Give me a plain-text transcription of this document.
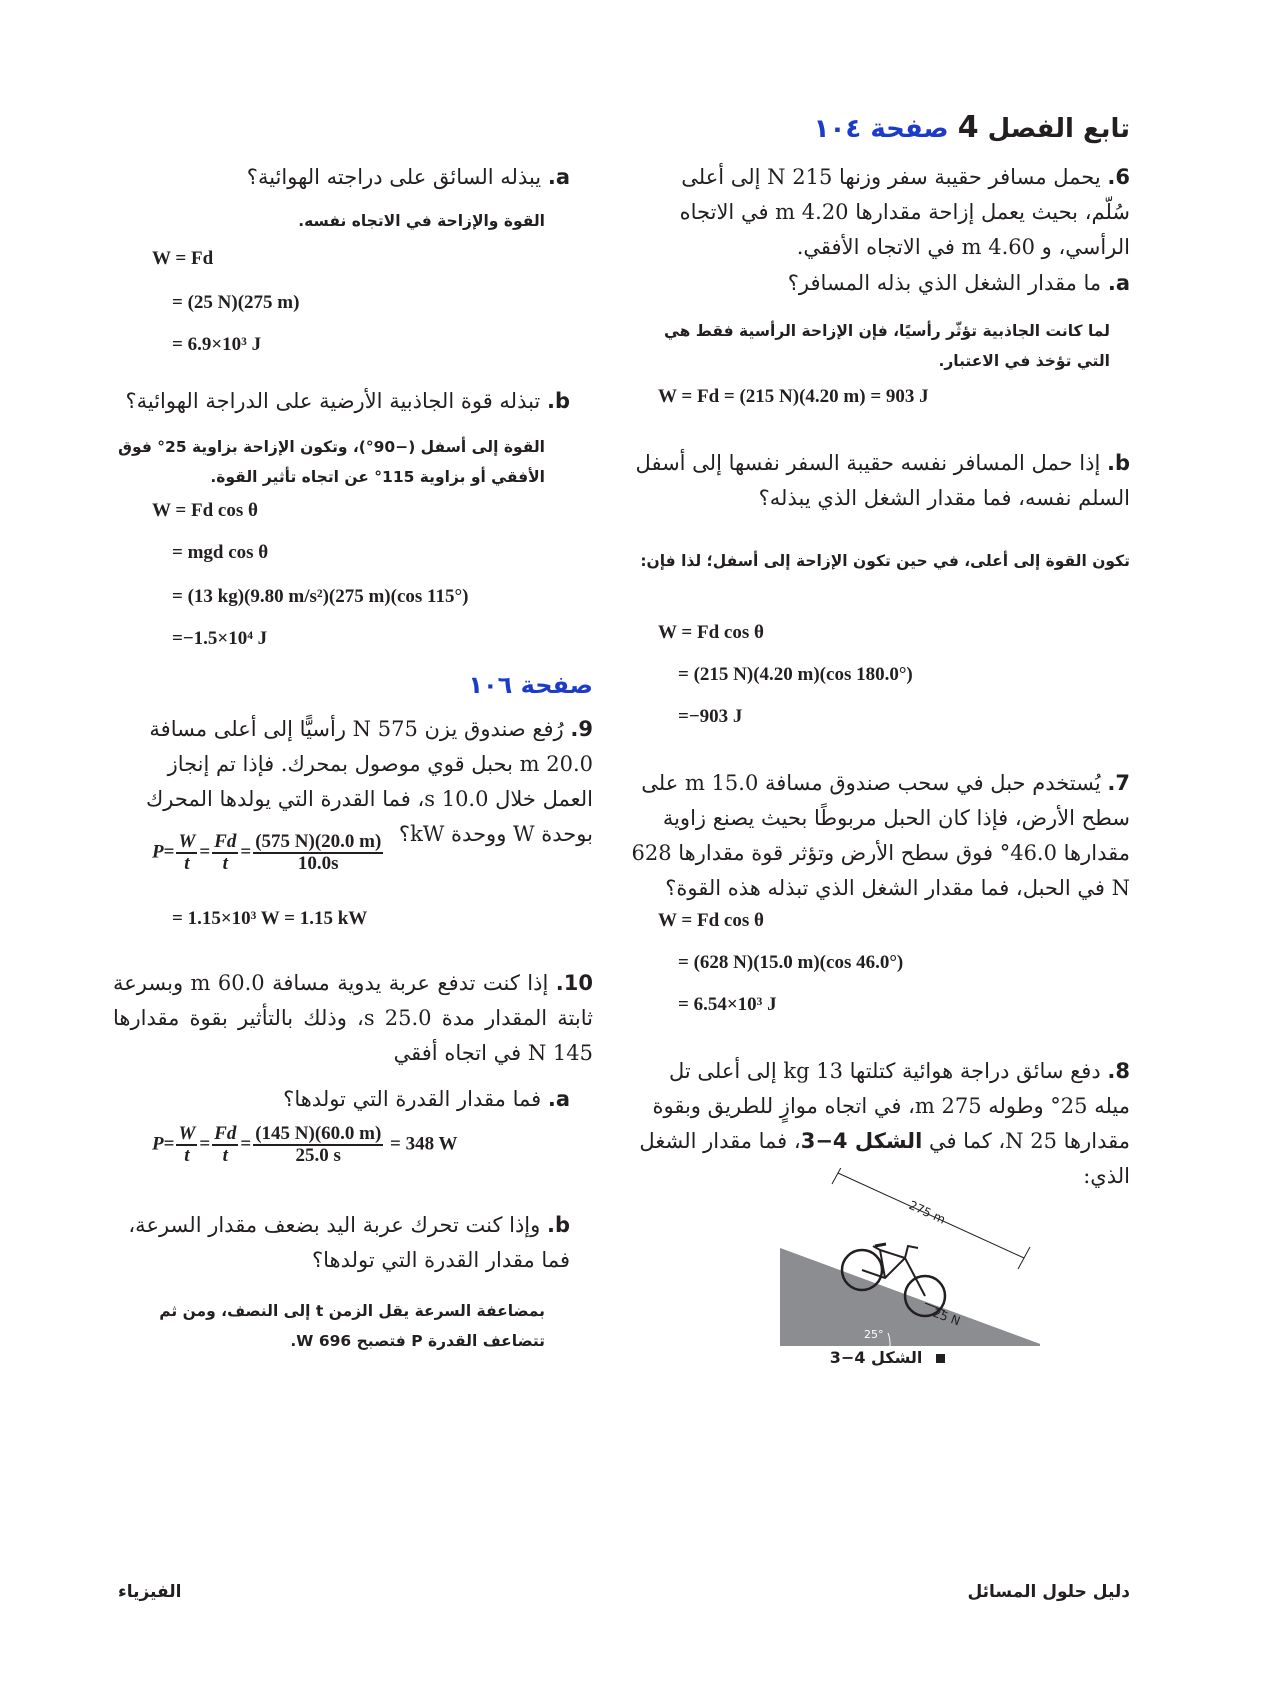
تابع الفصل 4 صفحة ١٠٤
6. يحمل مسافر حقيبة سفر وزنها 215 N إلى أعلى سُلّم، بحيث يعمل إزاحة مقدارها 4.20 m في الاتجاه الرأسي، و 4.60 m في الاتجاه الأفقي.
a. ما مقدار الشغل الذي بذله المسافر؟
لما كانت الجاذبية تؤثّر رأسيًا، فإن الإزاحة الرأسية فقط هي التي تؤخذ في الاعتبار.
W = Fd = (215 N)(4.20 m) = 903 J
b. إذا حمل المسافر نفسه حقيبة السفر نفسها إلى أسفل السلم نفسه، فما مقدار الشغل الذي يبذله؟
تكون القوة إلى أعلى، في حين تكون الإزاحة إلى أسفل؛ لذا فإن:
W = Fd cos θ
= (215 N)(4.20 m)(cos 180.0°)
=−903 J
7. يُستخدم حبل في سحب صندوق مسافة 15.0 m على سطح الأرض، فإذا كان الحبل مربوطًا بحيث يصنع زاوية مقدارها 46.0° فوق سطح الأرض وتؤثر قوة مقدارها 628 N في الحبل، فما مقدار الشغل الذي تبذله هذه القوة؟
W = Fd cos θ
= (628 N)(15.0 m)(cos 46.0°)
= 6.54×10³ J
8. دفع سائق دراجة هوائية كتلتها 13 kg إلى أعلى تل ميله 25° وطوله 275 m، في اتجاه موازٍ للطريق وبقوة مقدارها 25 N، كما في الشكل 4−3، فما مقدار الشغل الذي:
275 m
25 N
25°
الشكل 4−3
a. يبذله السائق على دراجته الهوائية؟
القوة والإزاحة في الاتجاه نفسه.
W = Fd
= (25 N)(275 m)
= 6.9×10³ J
b. تبذله قوة الجاذبية الأرضية على الدراجة الهوائية؟
القوة إلى أسفل (−90°)، وتكون الإزاحة بزاوية 25° فوق الأفقي أو بزاوية 115° عن اتجاه تأثير القوة.
W = Fd cos θ
= mgd cos θ
= (13 kg)(9.80 m/s²)(275 m)(cos 115°)
=−1.5×10⁴ J
صفحة ١٠٦
9. رُفع صندوق يزن 575 N رأسيًّا إلى أعلى مسافة 20.0 m بحبل قوي موصول بمحرك. فإذا تم إنجاز العمل خلال 10.0 s، فما القدرة التي يولدها المحرك بوحدة W ووحدة kW؟
$P= \frac{W}{t} = \frac{Fd}{t} = \frac{(575 N)(20.0 m)}{10.0s}$
= 1.15×10³ W = 1.15 kW
10. إذا كنت تدفع عربة يدوية مسافة 60.0 m وبسرعة ثابتة المقدار مدة 25.0 s، وذلك بالتأثير بقوة مقدارها 145 N في اتجاه أفقي
a. فما مقدار القدرة التي تولدها؟
$P= \frac{W}{t} = \frac{Fd}{t} = \frac{(145 N)(60.0 m)}{25.0 s} = 348$ W
b. وإذا كنت تحرك عربة اليد بضعف مقدار السرعة، فما مقدار القدرة التي تولدها؟
بمضاعفة السرعة يقل الزمن t إلى النصف، ومن ثم تتضاعف القدرة P فتصبح 696 W.
دليل حلول المسائل
الفيزياء
